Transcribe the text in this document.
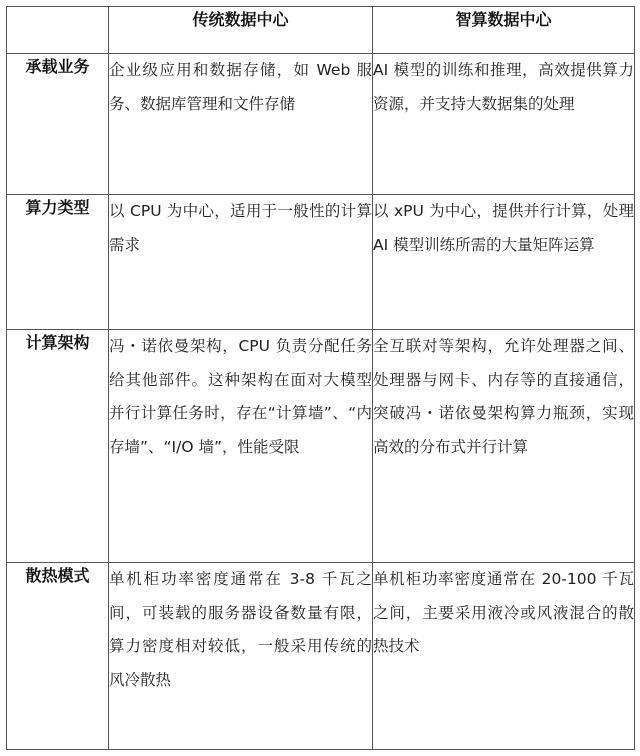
	传统数据中心	智算数据中心
承载业务	企业级应用和数据存储，如 Web 服务、数据库管理和文件存储	AI 模型的训练和推理，高效提供算力资源，并支持大数据集的处理
算力类型	以 CPU 为中心，适用于一般性的计算需求	以 xPU 为中心，提供并行计算，处理 AI 模型训练所需的大量矩阵运算
计算架构	冯・诺依曼架构，CPU 负责分配任务给其他部件。这种架构在面对大模型并行计算任务时，存在“计算墙”、“内存墙”、“I/O 墙”，性能受限	全互联对等架构，允许处理器之间、处理器与网卡、内存等的直接通信，突破冯・诺依曼架构算力瓶颈，实现高效的分布式并行计算
散热模式	单机柜功率密度通常在 3-8 千瓦之间，可装载的服务器设备数量有限，算力密度相对较低，一般采用传统的风冷散热	单机柜功率密度通常在 20-100 千瓦之间，主要采用液冷或风液混合的散热技术
